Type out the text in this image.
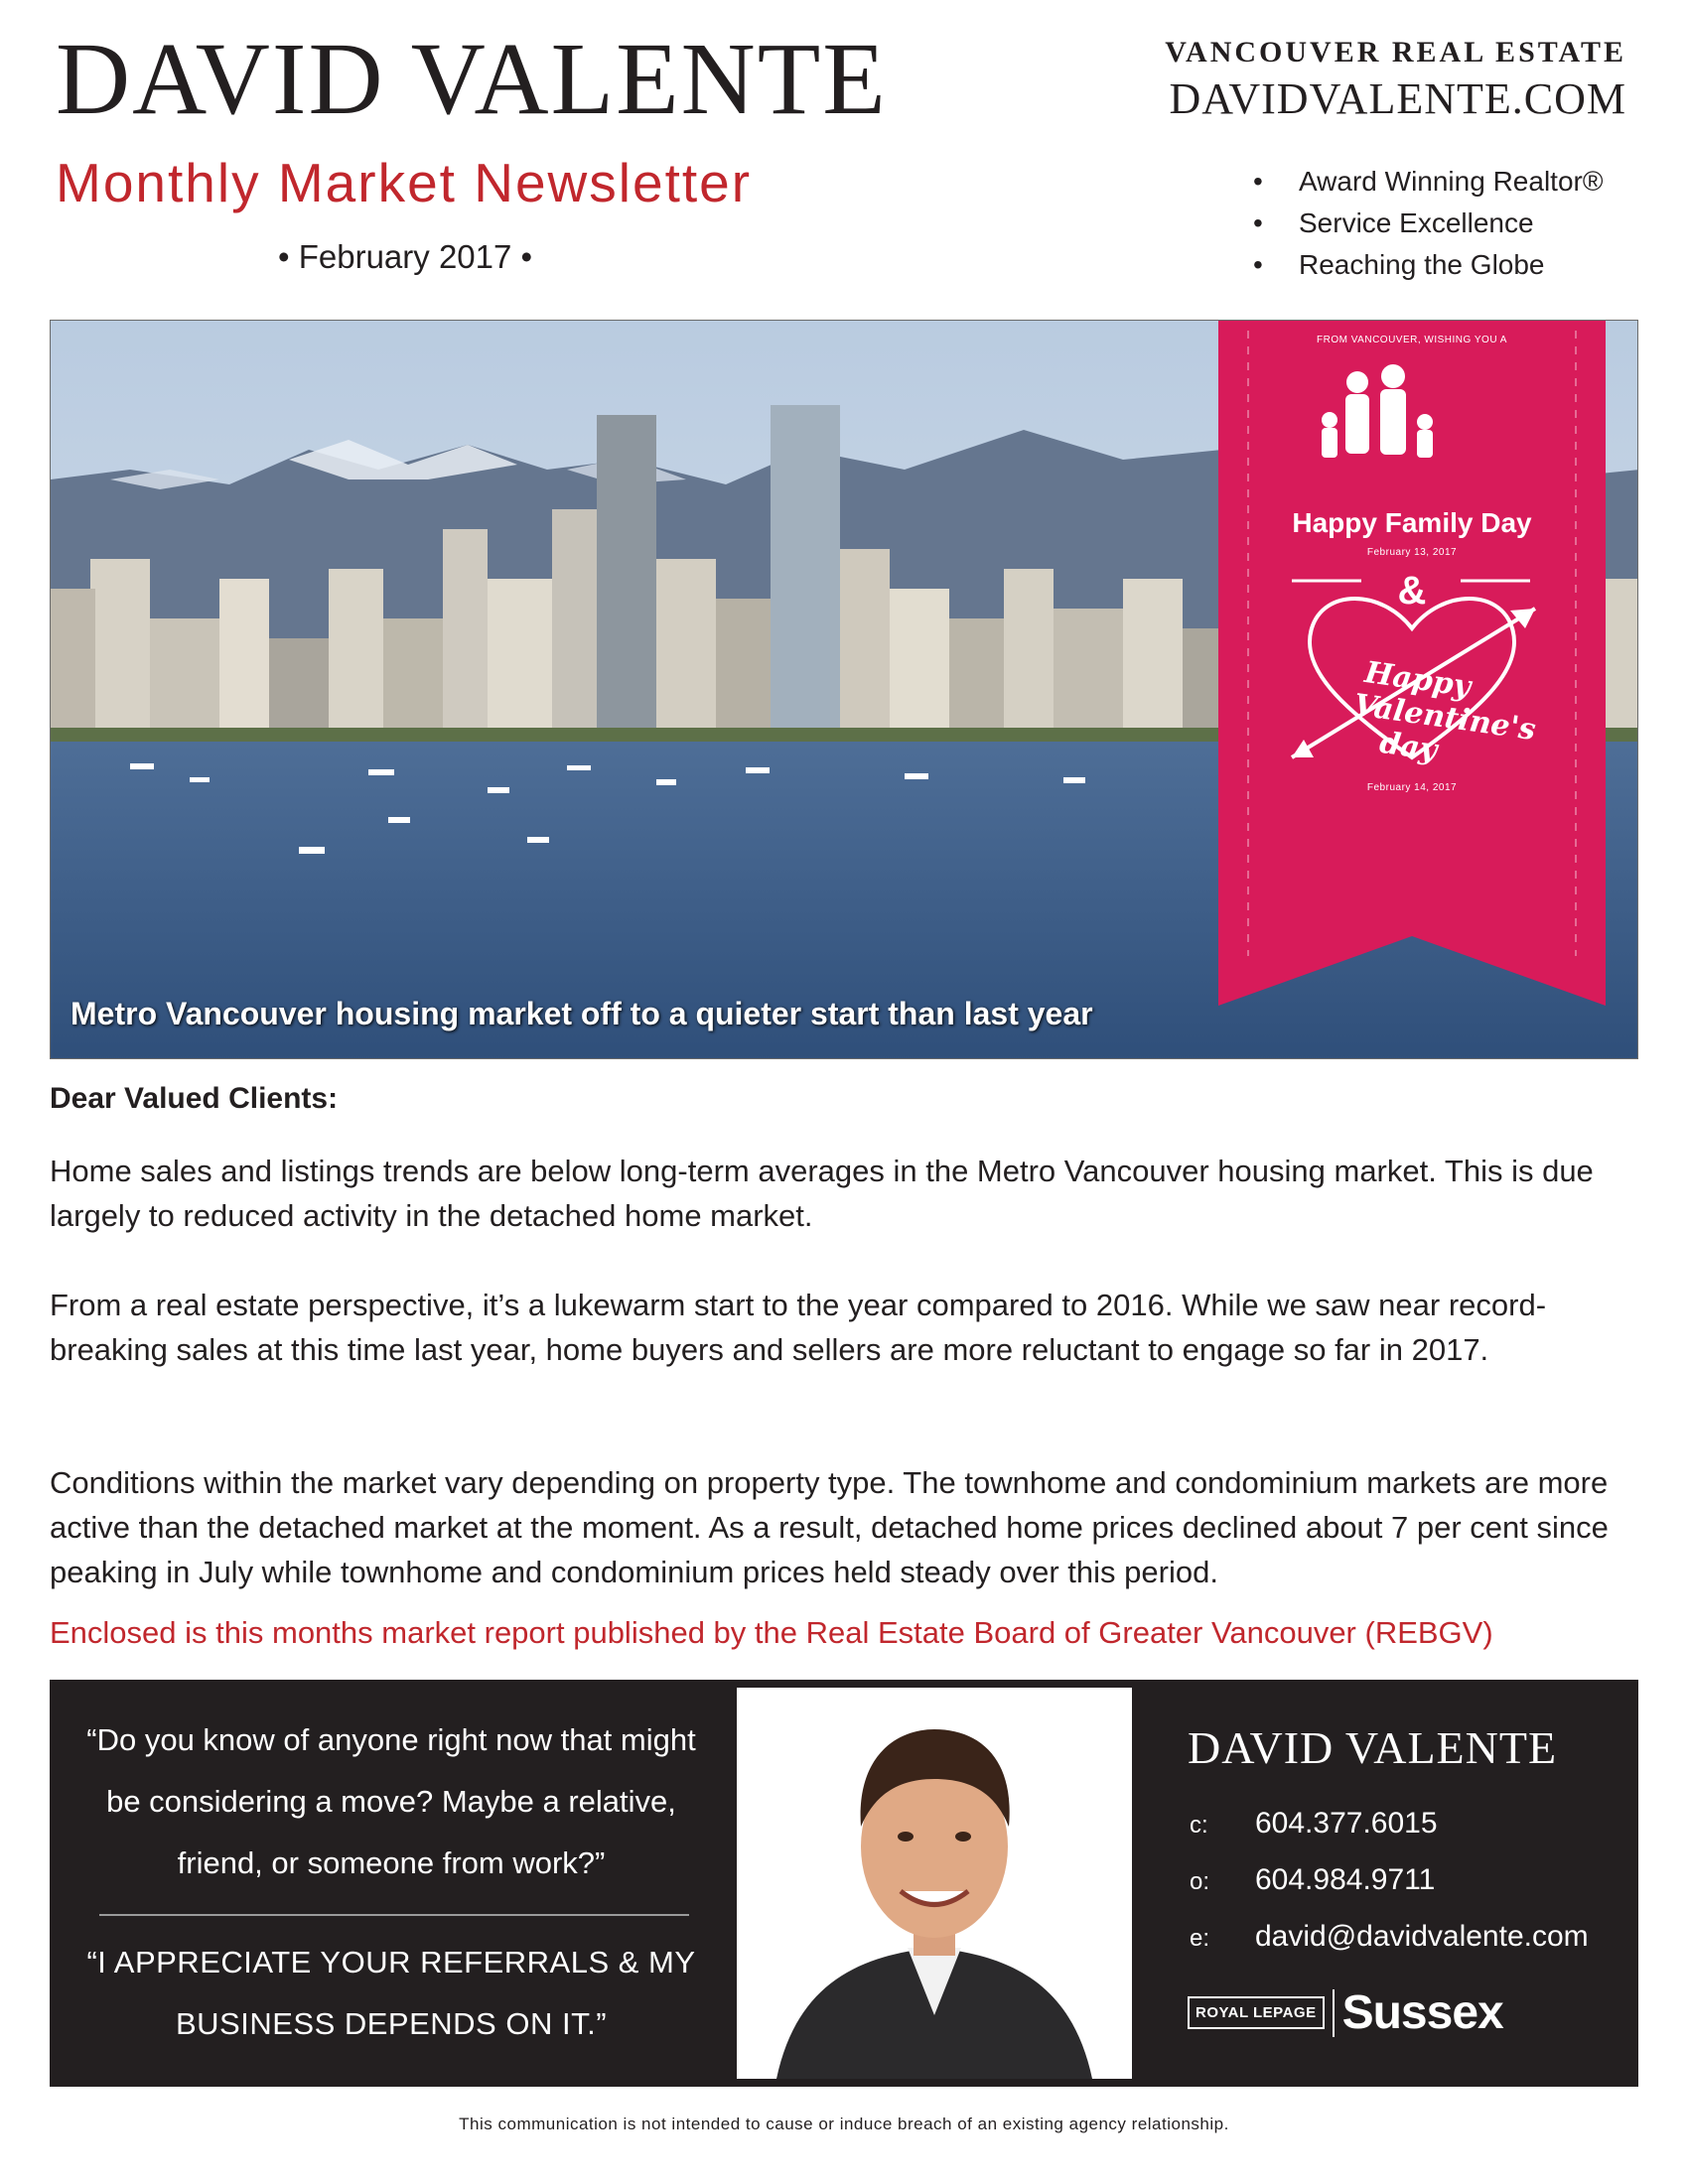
DAVID VALENTE
Monthly Market Newsletter
• February 2017 •
VANCOUVER REAL ESTATE
DAVIDVALENTE.COM
• Award Winning Realtor®
• Service Excellence
• Reaching the Globe
FROM VANCOUVER, WISHING YOU A
Happy Family Day
February 13, 2017
&
Happy Valentine's day
February 14, 2017
Metro Vancouver housing market off to a quieter start than last year
Dear Valued Clients:

Home sales and listings trends are below long-term averages in the Metro Vancouver housing market. This is due largely to reduced activity in the detached home market.

From a real estate perspective, it’s a lukewarm start to the year compared to 2016. While we saw near record-breaking sales at this time last year, home buyers and sellers are more reluctant to engage so far in 2017.

Conditions within the market vary depending on property type. The townhome and condominium markets are more active than the detached market at the moment. As a result, detached home prices declined about 7 per cent since peaking in July while townhome and condominium prices held steady over this period.

Enclosed is this months market report published by the Real Estate Board of Greater Vancouver (REBGV)
“Do you know of anyone right now that might be considering a move? Maybe a relative, friend, or someone from work?”
“I APPRECIATE YOUR REFERRALS & MY BUSINESS DEPENDS ON IT.”
DAVID VALENTE
c: 604.377.6015
o: 604.984.9711
e: david@davidvalente.com
ROYAL LEPAGE Sussex
This communication is not intended to cause or induce breach of an existing agency relationship.
